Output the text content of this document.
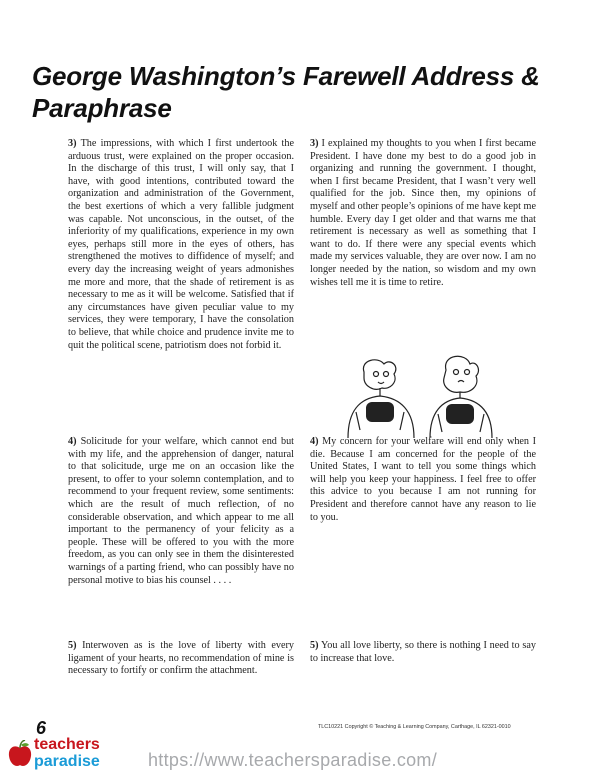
George Washington’s Farewell Address & Paraphrase
3) The impressions, with which I first undertook the arduous trust, were explained on the proper occasion. In the discharge of this trust, I will only say, that I have, with good intentions, contributed toward the organization and administration of the Government, the best exertions of which a very fallible judgment was capable. Not unconscious, in the outset, of the inferiority of my qualifications, experience in my own eyes, perhaps still more in the eyes of others, has strengthened the motives to diffidence of myself; and every day the increasing weight of years admonishes me more and more, that the shade of retirement is as necessary to me as it will be welcome. Satisfied that if any circumstances have given peculiar value to my services, they were temporary, I have the consolation to believe, that while choice and prudence invite me to quit the political scene, patriotism does not forbid it.
3) I explained my thoughts to you when I first became President. I have done my best to do a good job in organizing and running the government. I thought, when I first became President, that I wasn’t very well qualified for the job. Since then, my opinions of myself and other people’s opinions of me have kept me humble. Every day I get older and that warns me that retirement is necessary as well as something that I want to do. If there were any special events which made my services valuable, they are over now. I am no longer needed by the nation, so wisdom and my own wishes tell me it is time to retire.
4) Solicitude for your welfare, which cannot end but with my life, and the apprehension of danger, natural to that solicitude, urge me on an occasion like the present, to offer to your solemn contemplation, and to recommend to your frequent review, some sentiments: which are the result of much reflection, of no considerable observation, and which appear to me all important to the permanency of your felicity as a people. These will be offered to you with the more freedom, as you can only see in them the disinterested warnings of a parting friend, who can possibly have no personal motive to bias his counsel . . . .
4) My concern for your welfare will end only when I die. Because I am concerned for the people of the United States, I want to tell you some things which will help you keep your happiness. I feel free to offer this advice to you because I am not running for President and therefore cannot have any reason to lie to you.
5) Interwoven as is the love of liberty with every ligament of your hearts, no recommendation of mine is necessary to fortify or confirm the attachment.
5) You all love liberty, so there is nothing I need to say to increase that love.
6	TLC10221 Copyright © Teaching & Learning Company, Carthage, IL 62321-0010
teachers
paradise	https://www.teachersparadise.com/
